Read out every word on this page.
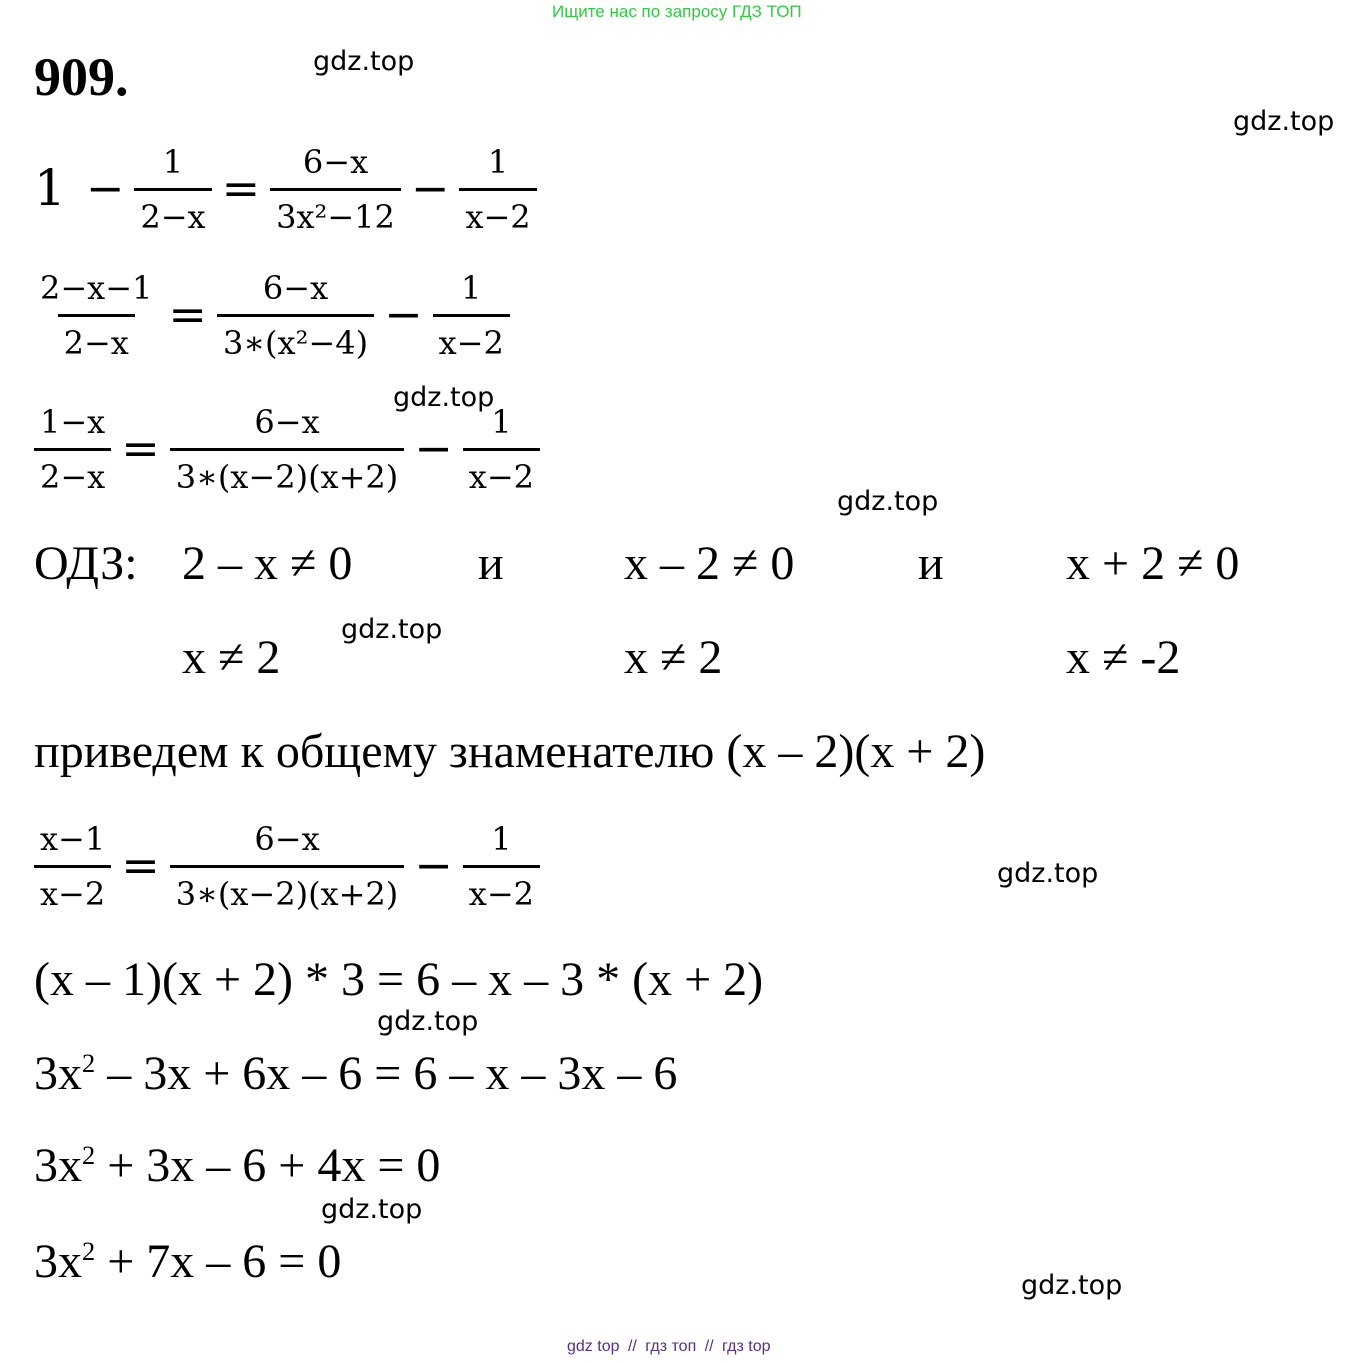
Ищите нас по запросу ГДЗ ТОП
909.
$1 - \frac{1}{2-x} = \frac{6-x}{\text{3x²−12}} - \frac{1}{x-2}$
$\frac{2-x-1}{2-x} = \frac{6-x}{\text{3∗(x²−4)}} - \frac{1}{x-2}$
$\frac{1-x}{2-x} = \frac{6-x}{3∗(x-2)(x+2)} - \frac{1}{x-2}$
ОДЗ: 2 – x ≠ 0	и	x – 2 ≠ 0	и	x + 2 ≠ 0
x ≠ 2	x ≠ 2	x ≠ -2
приведем к общему знаменателю (x – 2)(x + 2)
$\frac{x-1}{x-2} = \frac{6-x}{3∗(x-2)(x+2)} - \frac{1}{x-2}$
(x – 1)(x + 2) * 3 = 6 – x – 3 * (x + 2)
$3x^2 - 3x + 6x - 6 = 6 - x - 3x - 6$
$3x^2 + 3x - 6 + 4x = 0$
$3x^2 + 7x - 6 = 0$
gdz.top
gdz.top
gdz.top
gdz.top
gdz.top
gdz.top
gdz.top
gdz.top
gdz.top
gdz top // гдз топ // гдз top
